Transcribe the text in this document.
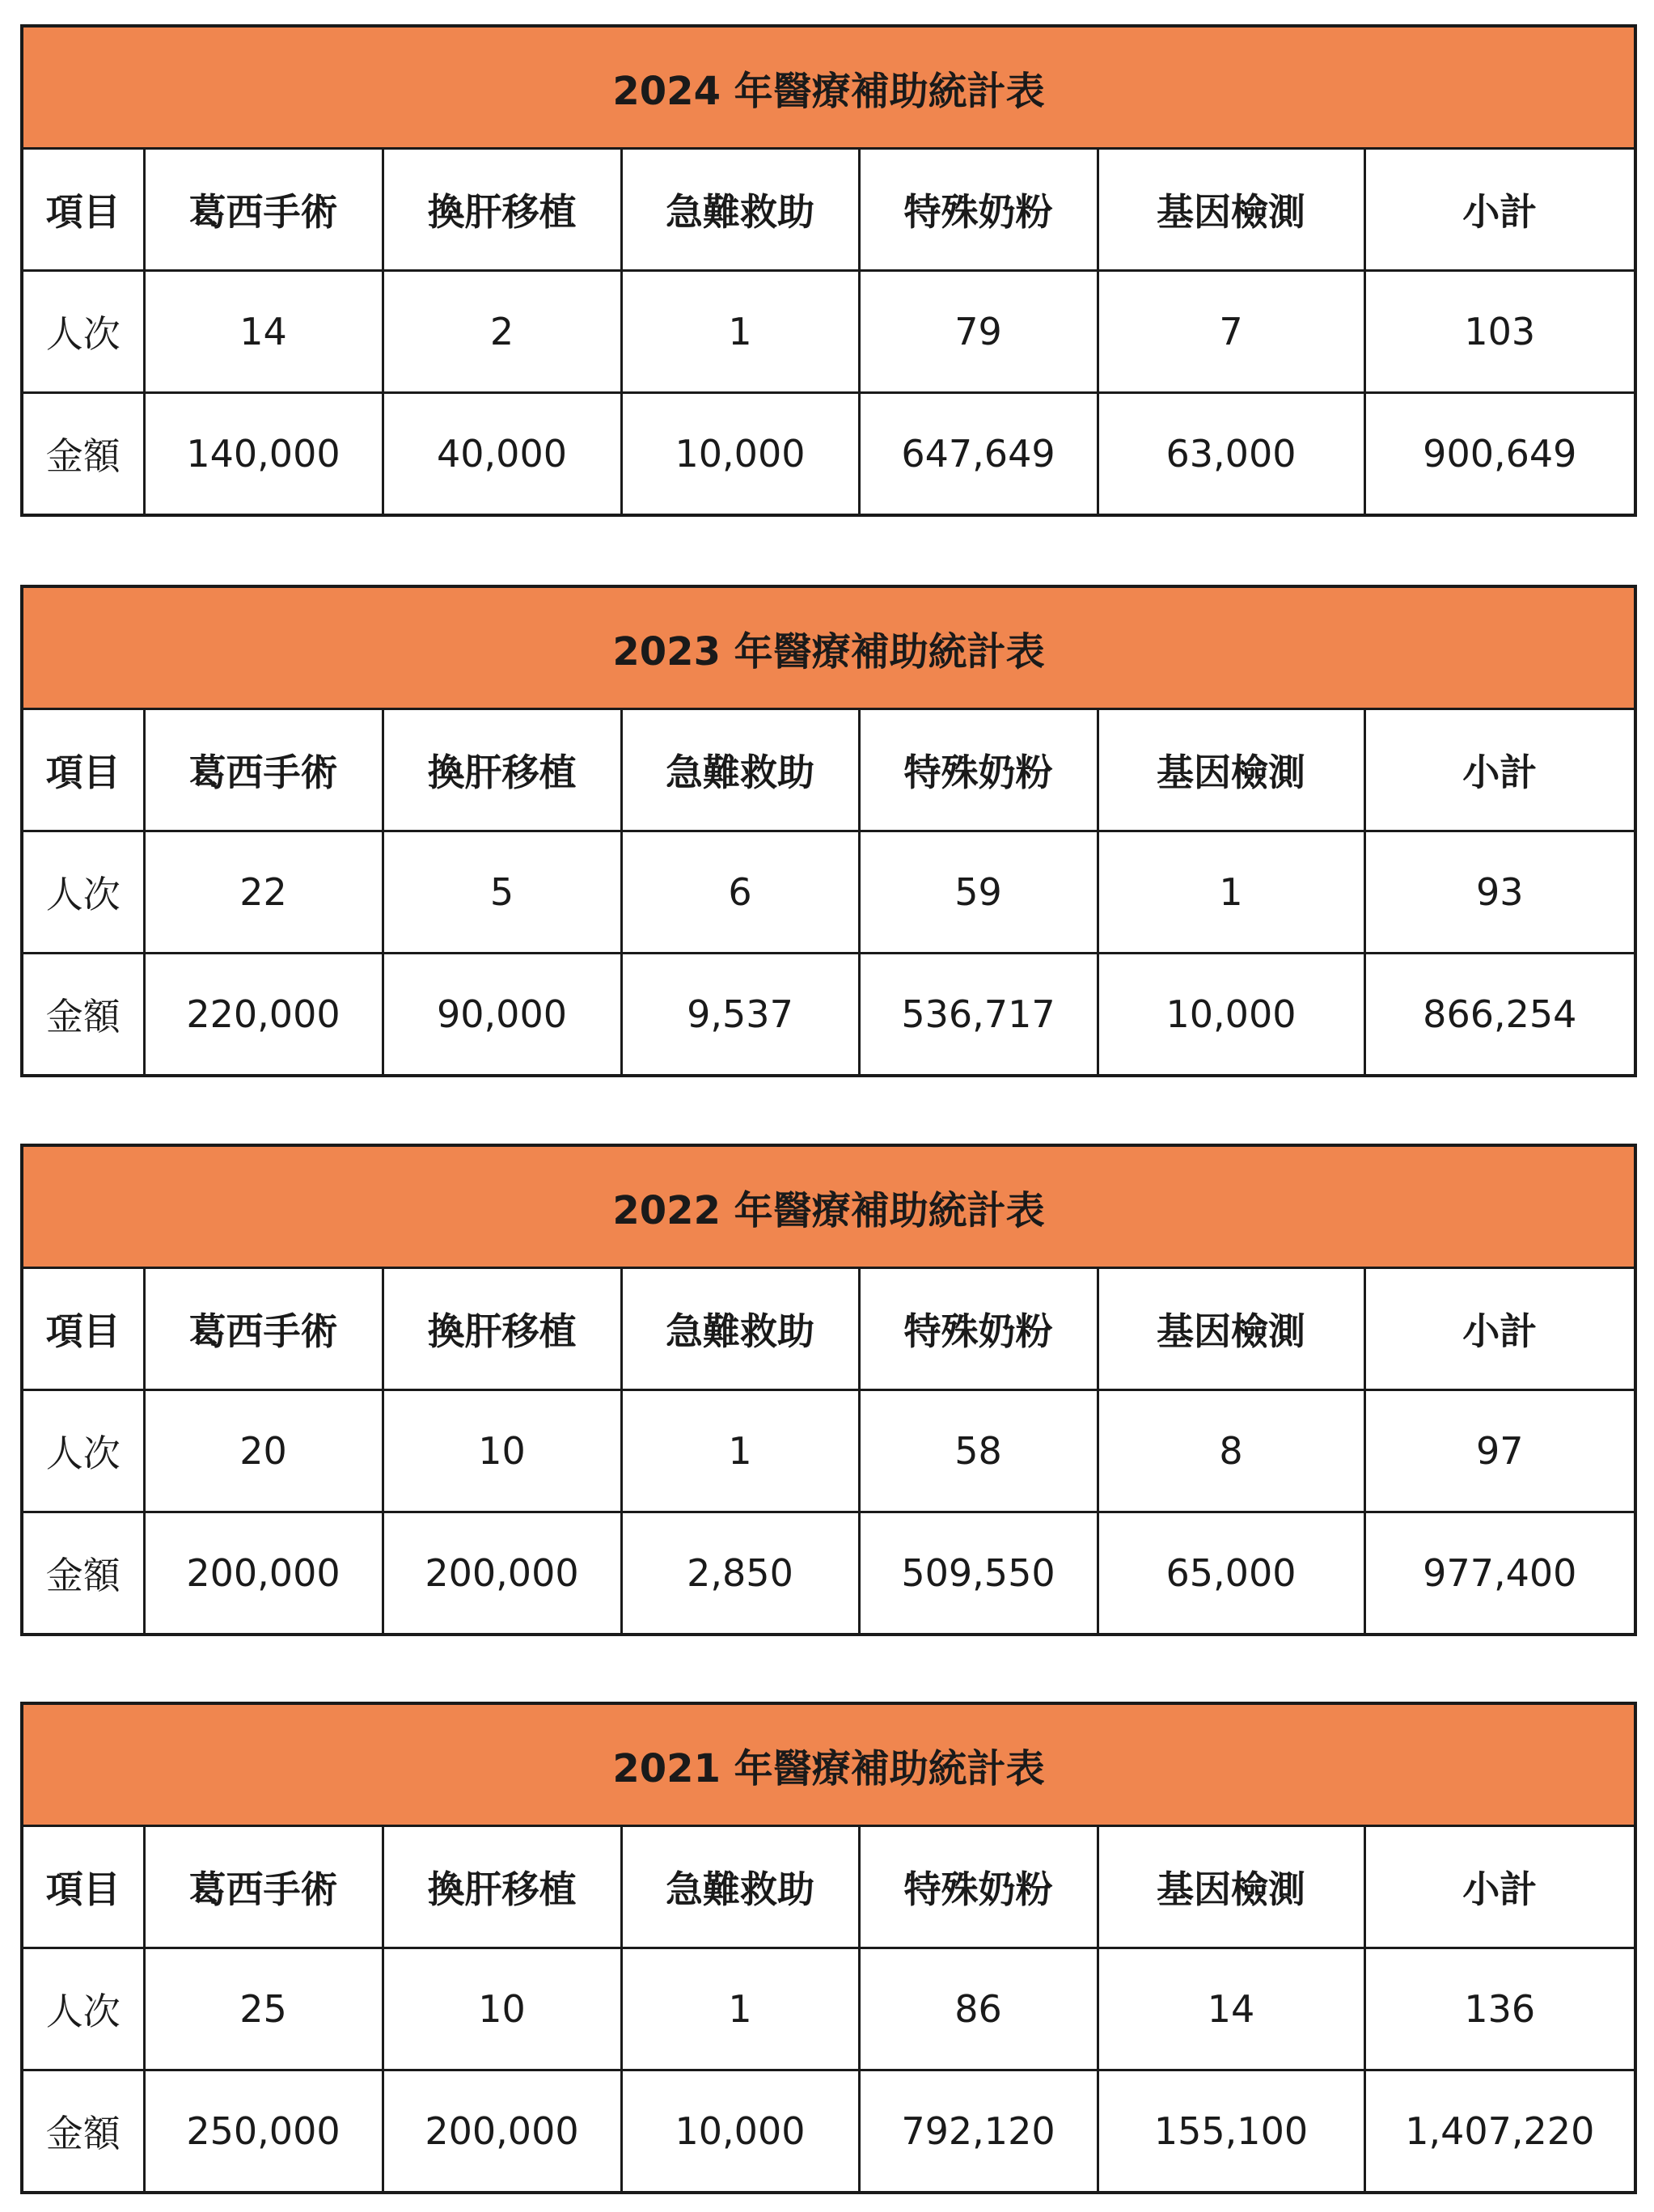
2024 年醫療補助統計表						
項目	葛西手術	換肝移植	急難救助	特殊奶粉	基因檢測	小計
人次	14	2	1	79	7	103
金額	140,000	40,000	10,000	647,649	63,000	900,649
2023 年醫療補助統計表						
項目	葛西手術	換肝移植	急難救助	特殊奶粉	基因檢測	小計
人次	22	5	6	59	1	93
金額	220,000	90,000	9,537	536,717	10,000	866,254
2022 年醫療補助統計表						
項目	葛西手術	換肝移植	急難救助	特殊奶粉	基因檢測	小計
人次	20	10	1	58	8	97
金額	200,000	200,000	2,850	509,550	65,000	977,400
2021 年醫療補助統計表						
項目	葛西手術	換肝移植	急難救助	特殊奶粉	基因檢測	小計
人次	25	10	1	86	14	136
金額	250,000	200,000	10,000	792,120	155,100	1,407,220
